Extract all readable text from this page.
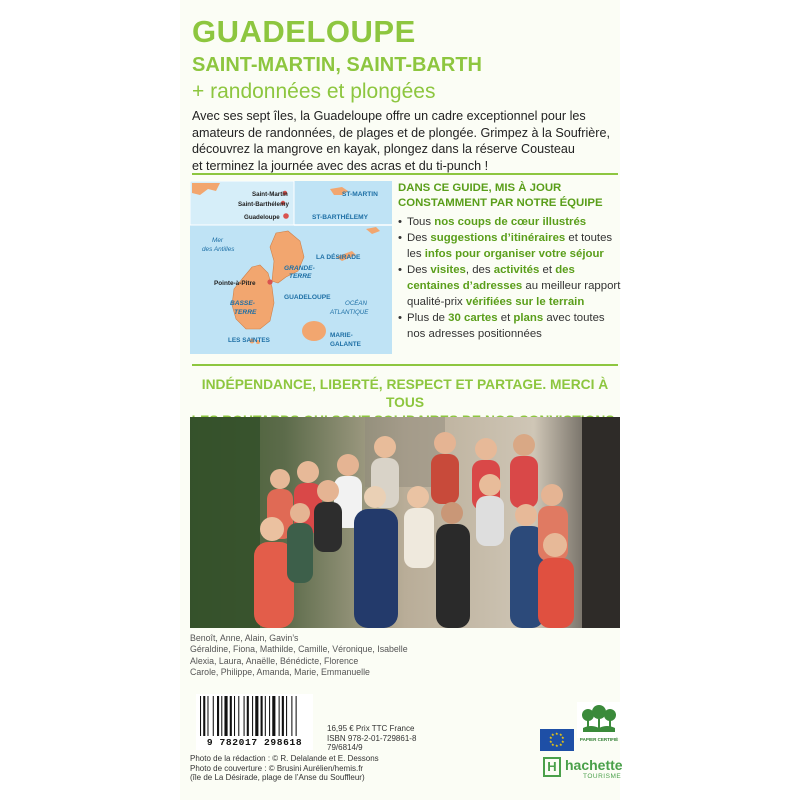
GUADELOUPE
SAINT-MARTIN, SAINT-BARTH
+ randonnées et plongées
Avec ses sept îles, la Guadeloupe offre un cadre exceptionnel pour les
amateurs de randonnées, de plages et de plongée. Grimpez à la Soufrière,
découvrez la mangrove en kayak, plongez dans la réserve Cousteau
et terminez la journée avec des acras et du ti-punch !
Saint-Martin
Saint-Barthélemy
Guadeloupe
ST-MARTIN
ST-BARTHÉLEMY
Mer
des Antilles
LA DÉSIRADE
GRANDE-
TERRE
Pointe-à-Pitre
BASSE-
TERRE
GUADELOUPE
OCÉAN
ATLANTIQUE
LES SAINTES
MARIE-
GALANTE
DANS CE GUIDE, MIS À JOUR
CONSTAMMENT PAR NOTRE ÉQUIPE
• Tous nos coups de cœur illustrés
• Des suggestions d’itinéraires et toutes les infos pour organiser votre séjour
• Des visites, des activités et des centaines d’adresses au meilleur rapport qualité-prix vérifiées sur le terrain
• Plus de 30 cartes et plans avec toutes nos adresses positionnées
INDÉPENDANCE, LIBERTÉ, RESPECT ET PARTAGE. MERCI À TOUS
Benoît, Anne, Alain, Gavin’s
Géraldine, Fiona, Mathilde, Camille, Véronique, Isabelle
Alexia, Laura, Anaëlle, Bénédicte, Florence
Carole, Philippe, Amanda, Marie, Emmanuelle
9 782017 298618
16,95 € Prix TTC France
ISBN 978-2-01-729861-8
79/6814/9
Photo de la rédaction : © R. Delalande et E. Dessons
Photo de couverture : © Brusini Aurélien/hemis.fr
(île de La Désirade, plage de l’Anse du Souffleur)
★ ★
★
★
★
★
★
★
★
★
PAPIER CERTIFIÉ
H hachette
TOURISME
